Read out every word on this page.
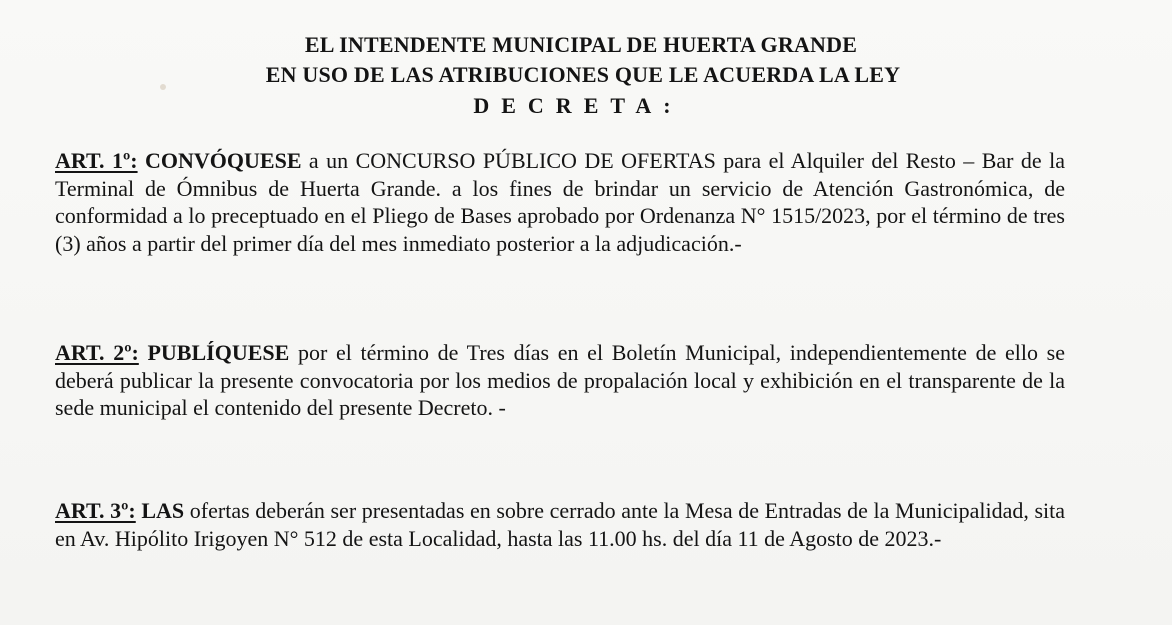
EL INTENDENTE MUNICIPAL DE HUERTA GRANDE
EN USO DE LAS ATRIBUCIONES QUE LE ACUERDA LA LEY
DECRETA:
ART. 1º: CONVÓQUESE a un CONCURSO PÚBLICO DE OFERTAS para el Alquiler del Resto – Bar de la Terminal de Ómnibus de Huerta Grande. a los fines de brindar un servicio de Atención Gastronómica, de conformidad a lo preceptuado en el Pliego de Bases aprobado por Ordenanza N° 1515/2023, por el término de tres (3) años a partir del primer día del mes inmediato posterior a la adjudicación.-
ART. 2º: PUBLÍQUESE por el término de Tres días en el Boletín Municipal, independientemente de ello se deberá publicar la presente convocatoria por los medios de propalación local y exhibición en el transparente de la sede municipal el contenido del presente Decreto. -
ART. 3º: LAS ofertas deberán ser presentadas en sobre cerrado ante la Mesa de Entradas de la Municipalidad, sita en Av. Hipólito Irigoyen N° 512 de esta Localidad, hasta las 11.00 hs. del día 11 de Agosto de 2023.-
